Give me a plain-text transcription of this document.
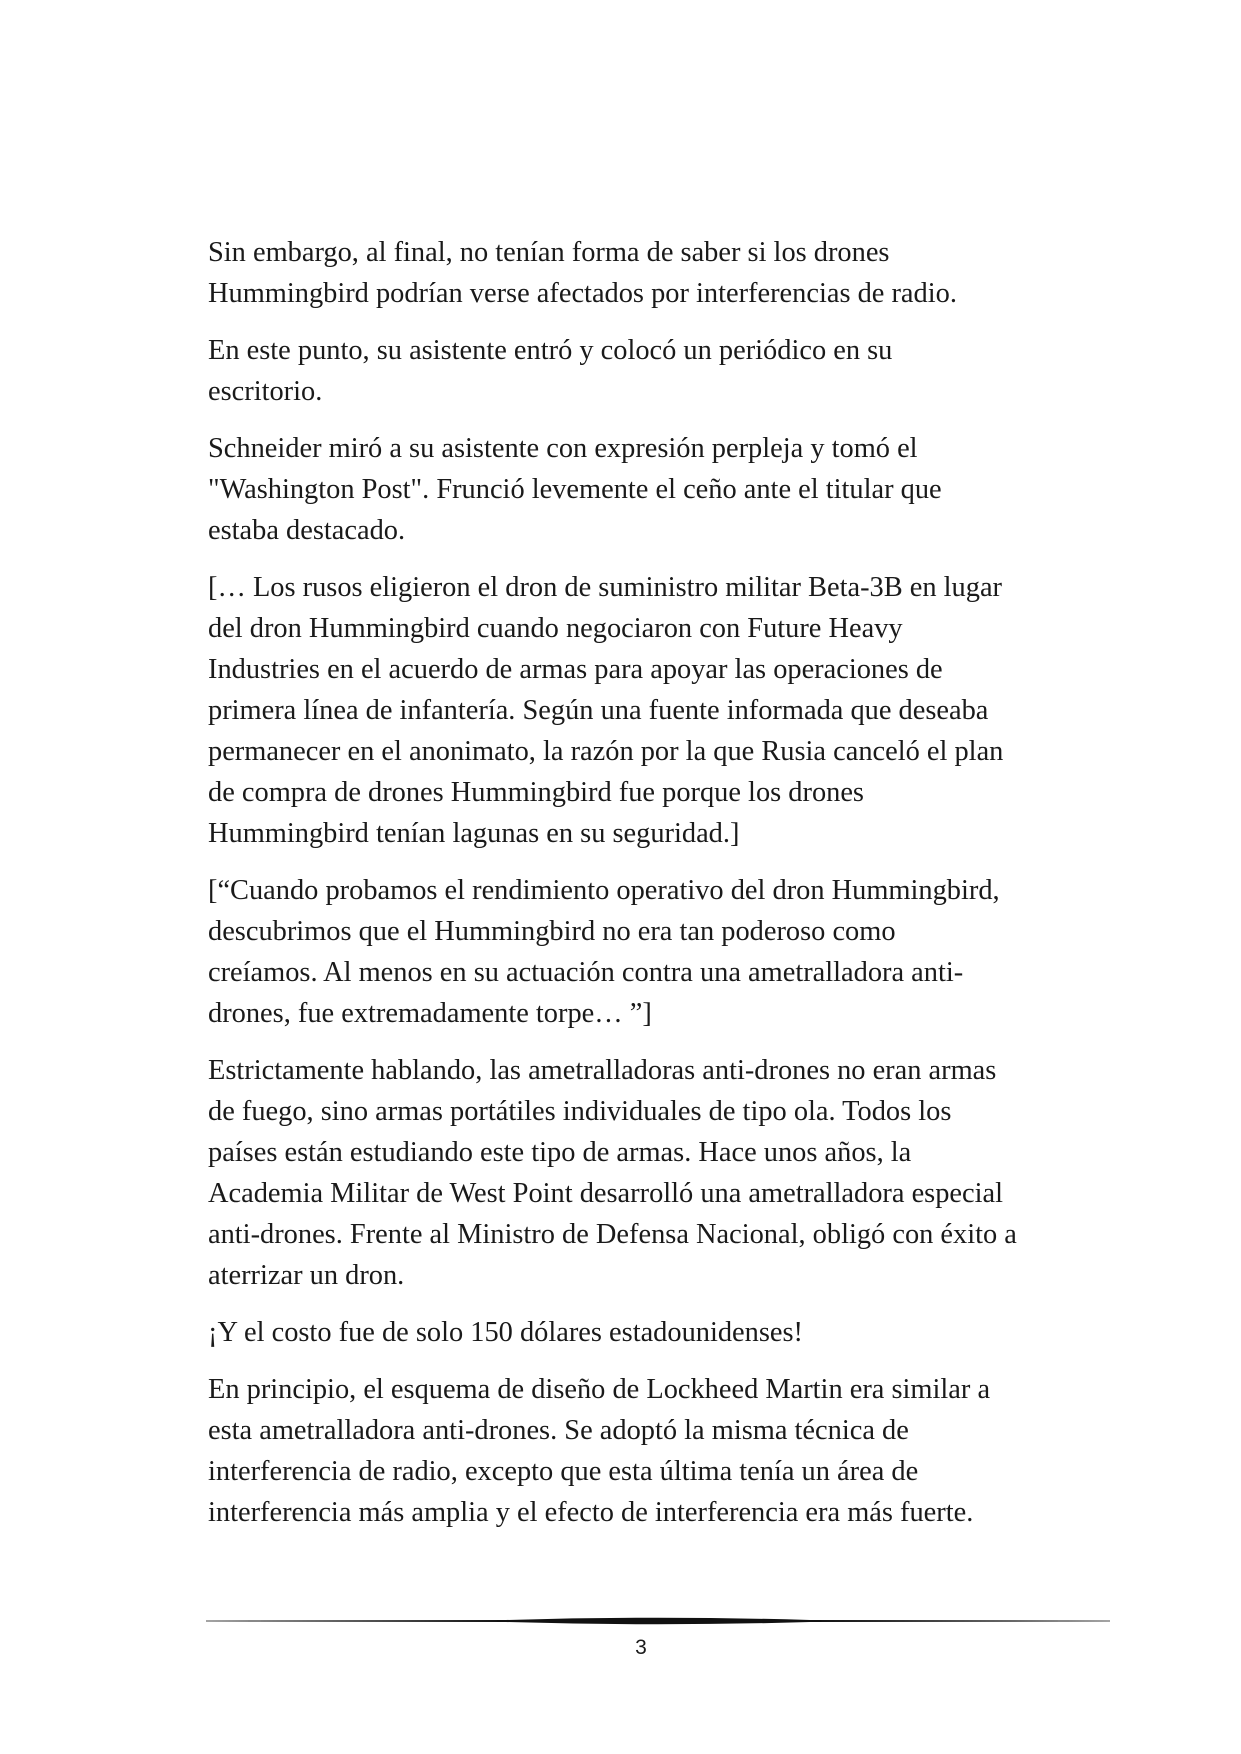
Sin embargo, al final, no tenían forma de saber si los drones
Hummingbird podrían verse afectados por interferencias de radio.

En este punto, su asistente entró y colocó un periódico en su
escritorio.

Schneider miró a su asistente con expresión perpleja y tomó el
"Washington Post". Frunció levemente el ceño ante el titular que
estaba destacado.

[… Los rusos eligieron el dron de suministro militar Beta-3B en lugar
del dron Hummingbird cuando negociaron con Future Heavy
Industries en el acuerdo de armas para apoyar las operaciones de
primera línea de infantería. Según una fuente informada que deseaba
permanecer en el anonimato, la razón por la que Rusia canceló el plan
de compra de drones Hummingbird fue porque los drones
Hummingbird tenían lagunas en su seguridad.]

[“Cuando probamos el rendimiento operativo del dron Hummingbird,
descubrimos que el Hummingbird no era tan poderoso como
creíamos. Al menos en su actuación contra una ametralladora anti-
drones, fue extremadamente torpe… ”]

Estrictamente hablando, las ametralladoras anti-drones no eran armas
de fuego, sino armas portátiles individuales de tipo ola. Todos los
países están estudiando este tipo de armas. Hace unos años, la
Academia Militar de West Point desarrolló una ametralladora especial
anti-drones. Frente al Ministro de Defensa Nacional, obligó con éxito a
aterrizar un dron.

¡Y el costo fue de solo 150 dólares estadounidenses!

En principio, el esquema de diseño de Lockheed Martin era similar a
esta ametralladora anti-drones. Se adoptó la misma técnica de
interferencia de radio, excepto que esta última tenía un área de
interferencia más amplia y el efecto de interferencia era más fuerte.

3
